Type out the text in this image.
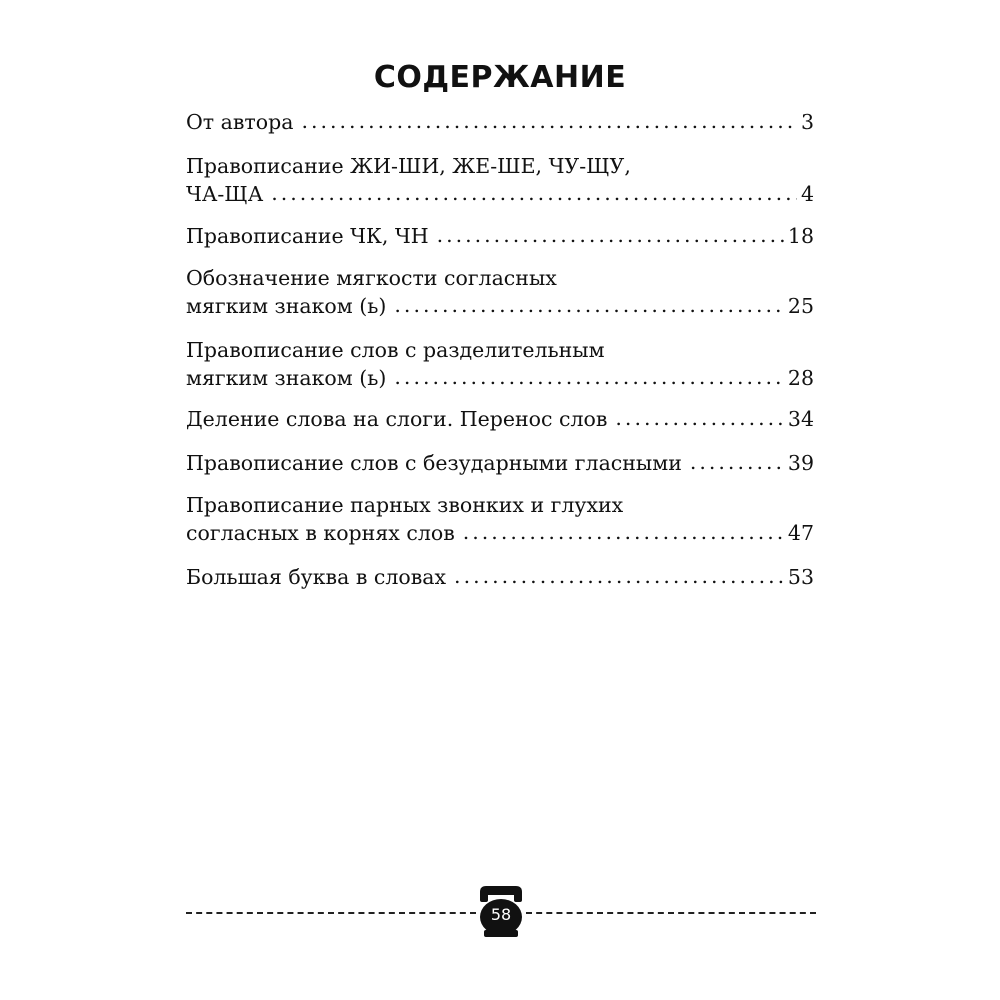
СОДЕРЖАНИЕ
От автора .....	3
Правописание ЖИ-ШИ, ЖЕ-ШЕ, ЧУ-ЩУ,
ЧА-ЩА .....	4
Правописание ЧК, ЧН .....	18
Обозначение мягкости согласных
мягким знаком (ь) .....	25
Правописание слов с разделительным
мягким знаком (ь) .....	28
Деление слова на слоги. Перенос слов .....	34
Правописание слов с безударными гласными .....	39
Правописание парных звонких и глухих
согласных в корнях слов .....	47
Большая буква в словах .....	53
58
